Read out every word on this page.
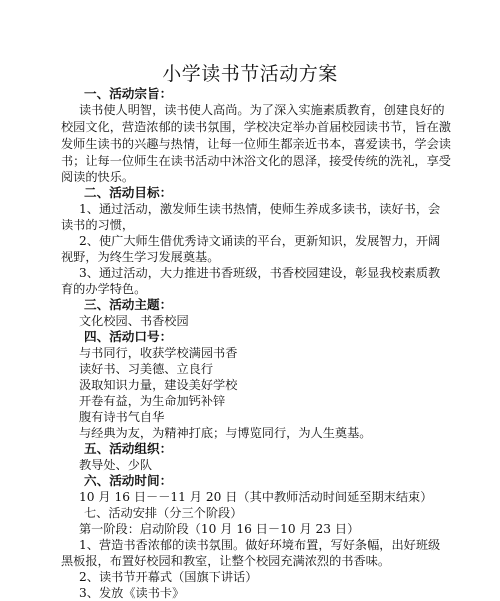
小学读书节活动方案
一、活动宗旨：
读书使人明智，读书使人高尚。为了深入实施素质教育，创建良好的
校园文化，营造浓郁的读书氛围，学校决定举办首届校园读书节，旨在激
发师生读书的兴趣与热情，让每一位师生都亲近书本，喜爱读书，学会读
书；让每一位师生在读书活动中沐浴文化的恩泽，接受传统的洗礼，享受
阅读的快乐。
二、活动目标：
1、通过活动，激发师生读书热情，使师生养成多读书，读好书，会
读书的习惯，
2、使广大师生借优秀诗文诵读的平台，更新知识，发展智力，开阔
视野，为终生学习发展奠基。
3、通过活动，大力推进书香班级，书香校园建设，彰显我校素质教
育的办学特色。
三、活动主题：
文化校园、书香校园
四、活动口号：
与书同行，收获学校满园书香
读好书、习美德、立良行
汲取知识力量，建设美好学校
开卷有益，为生命加钙补锌
腹有诗书气自华
与经典为友，为精神打底；与博览同行，为人生奠基。
五、活动组织：
教导处、少队
六、活动时间：
10 月 16 日－－11 月 20 日（其中教师活动时间延至期末结束）
七、活动安排（分三个阶段）
第一阶段：启动阶段（10 月 16 日－10 月 23 日）
1、营造书香浓郁的读书氛围。做好环境布置，写好条幅，出好班级
黑板报，布置好校园和教室，让整个校园充满浓烈的书香味。
2、读书节开幕式（国旗下讲话）
3、发放《读书卡》
